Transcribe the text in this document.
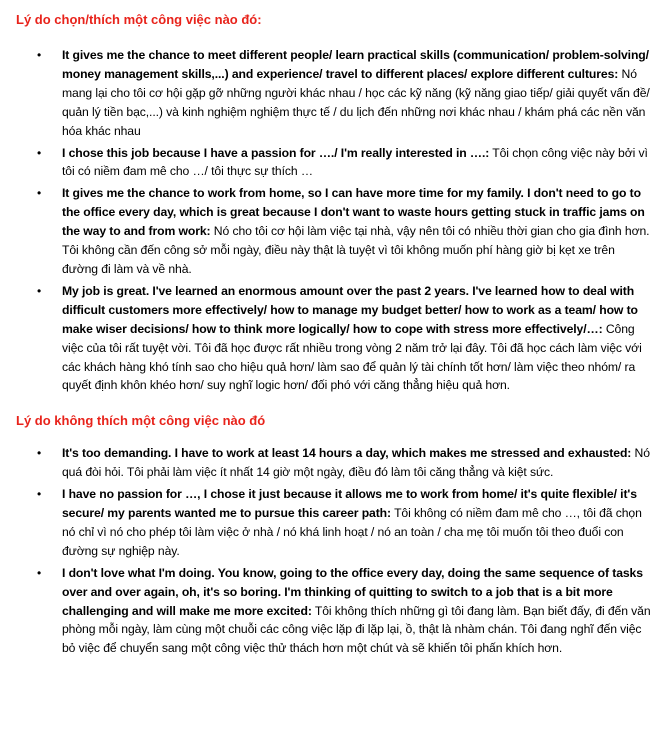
Lý do chọn/thích một công việc nào đó:

• It gives me the chance to meet different people/ learn practical skills (communication/ problem-solving/ money management skills,...) and experience/ travel to different places/ explore different cultures: Nó mang lại cho tôi cơ hội gặp gỡ những người khác nhau / học các kỹ năng (kỹ năng giao tiếp/ giải quyết vấn đề/ quản lý tiền bạc,...) và kinh nghiệm nghiệm thực tế / du lịch đến những nơi khác nhau / khám phá các nền văn hóa khác nhau
• I chose this job because I have a passion for …./ I'm really interested in ….: Tôi chọn công việc này bởi vì tôi có niềm đam mê cho …/ tôi thực sự thích …
• It gives me the chance to work from home, so I can have more time for my family. I don't need to go to the office every day, which is great because I don't want to waste hours getting stuck in traffic jams on the way to and from work: Nó cho tôi cơ hội làm việc tại nhà, vậy nên tôi có nhiều thời gian cho gia đình hơn. Tôi không cần đến công sở mỗi ngày, điều này thật là tuyệt vì tôi không muốn phí hàng giờ bị kẹt xe trên đường đi làm và về nhà.
• My job is great. I've learned an enormous amount over the past 2 years. I've learned how to deal with difficult customers more effectively/ how to manage my budget better/ how to work as a team/ how to make wiser decisions/ how to think more logically/ how to cope with stress more effectively/…: Công việc của tôi rất tuyệt vời. Tôi đã học được rất nhiều trong vòng 2 năm trở lại đây. Tôi đã học cách làm việc với các khách hàng khó tính sao cho hiệu quả hơn/ làm sao để quản lý tài chính tốt hơn/ làm việc theo nhóm/ ra quyết định khôn khéo hơn/ suy nghĩ logic hơn/ đối phó với căng thẳng hiệu quả hơn.

Lý do không thích một công việc nào đó

• It's too demanding. I have to work at least 14 hours a day, which makes me stressed and exhausted: Nó quá đòi hỏi. Tôi phải làm việc ít nhất 14 giờ một ngày, điều đó làm tôi căng thẳng và kiệt sức.
• I have no passion for …, I chose it just because it allows me to work from home/ it's quite flexible/ it's secure/ my parents wanted me to pursue this career path: Tôi không có niềm đam mê cho …, tôi đã chọn nó chỉ vì nó cho phép tôi làm việc ở nhà / nó khá linh hoạt / nó an toàn / cha mẹ tôi muốn tôi theo đuổi con đường sự nghiệp này.
• I don't love what I'm doing. You know, going to the office every day, doing the same sequence of tasks over and over again, oh, it's so boring. I'm thinking of quitting to switch to a job that is a bit more challenging and will make me more excited: Tôi không thích những gì tôi đang làm. Bạn biết đấy, đi đến văn phòng mỗi ngày, làm cùng một chuỗi các công việc lặp đi lặp lại, ồ, thật là nhàm chán. Tôi đang nghĩ đến việc bỏ việc để chuyển sang một công việc thử thách hơn một chút và sẽ khiến tôi phấn khích hơn.
